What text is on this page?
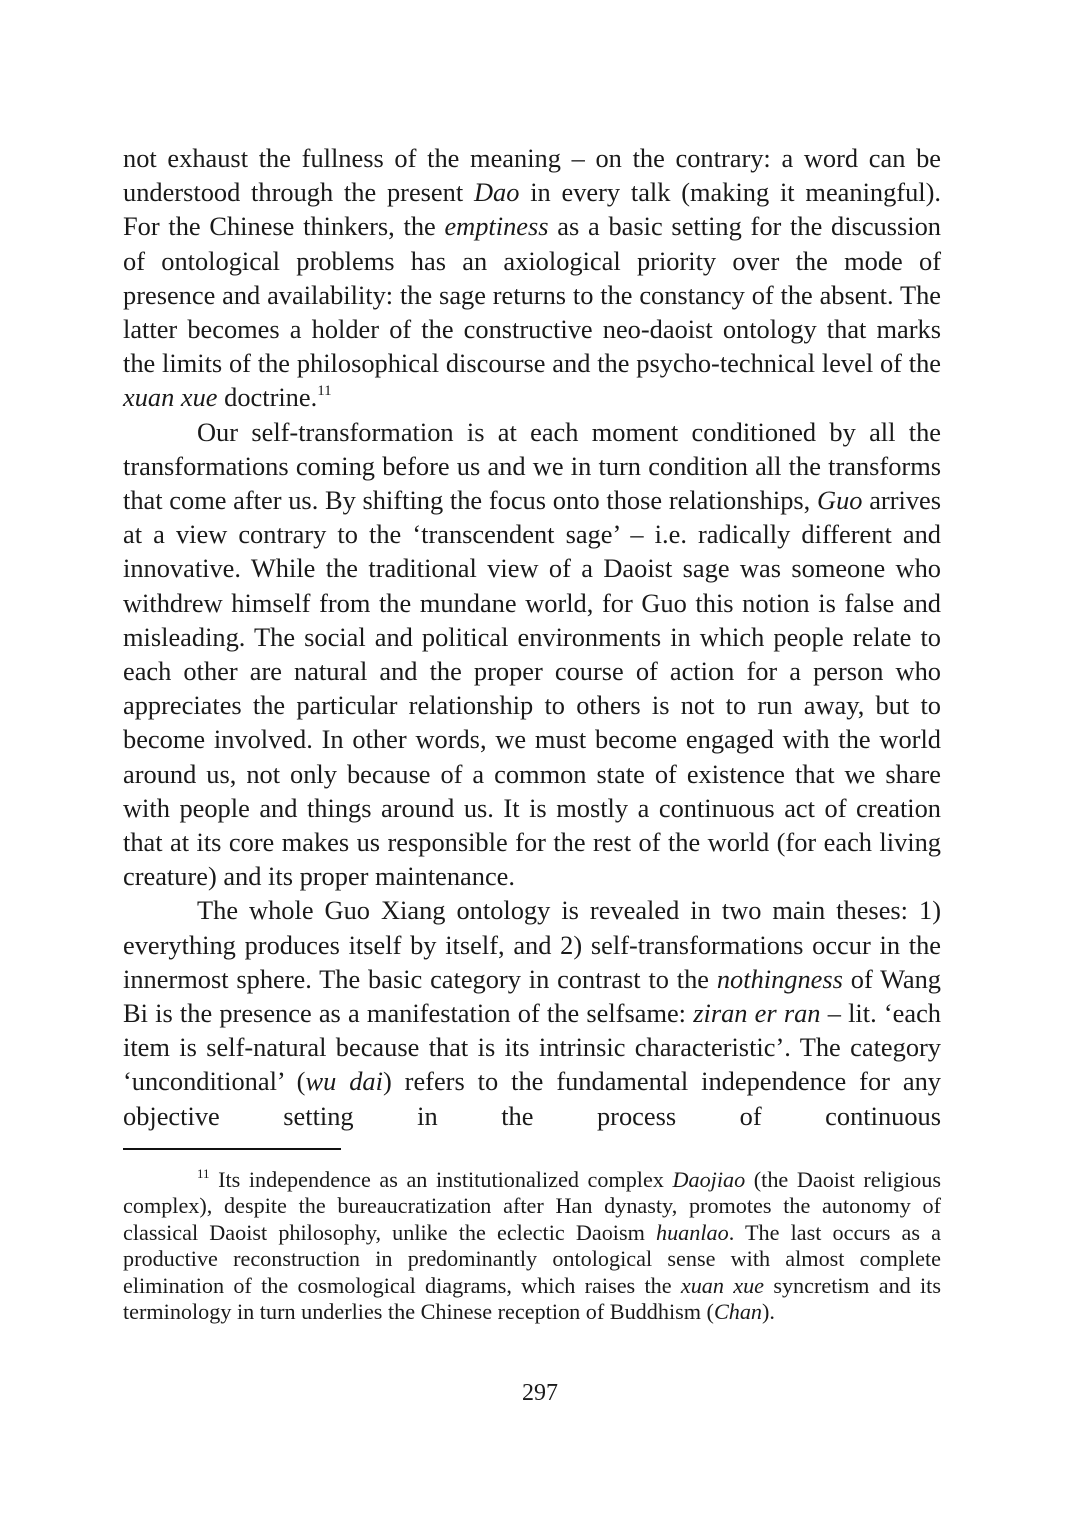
not exhaust the fullness of the meaning – on the contrary: a word can be understood through the present Dao in every talk (making it meaningful). For the Chinese thinkers, the emptiness as a basic setting for the discussion of ontological problems has an axiological priority over the mode of presence and availability: the sage returns to the constancy of the absent. The latter becomes a holder of the constructive neo-daoist ontology that marks the limits of the philosophical discourse and the psycho-technical level of the xuan xue doctrine.$^{11}$

Our self-transformation is at each moment conditioned by all the transformations coming before us and we in turn condition all the transforms that come after us. By shifting the focus onto those relationships, Guo arrives at a view contrary to the ‘transcendent sage’ – i.e. radically different and innovative. While the traditional view of a Daoist sage was someone who withdrew himself from the mundane world, for Guo this notion is false and misleading. The social and political environments in which people relate to each other are natural and the proper course of action for a person who appreciates the particular relationship to others is not to run away, but to become involved. In other words, we must become engaged with the world around us, not only because of a common state of existence that we share with people and things around us. It is mostly a continuous act of creation that at its core makes us responsible for the rest of the world (for each living creature) and its proper maintenance.

The whole Guo Xiang ontology is revealed in two main theses: 1) everything produces itself by itself, and 2) self-transformations occur in the innermost sphere. The basic category in contrast to the nothingness of Wang Bi is the presence as a manifestation of the selfsame: ziran er ran – lit. ‘each item is self-natural because that is its intrinsic characteristic’. The category ‘unconditional’ (wu dai) refers to the fundamental independence for any objective setting in the process of continuous

$^{11}$ Its independence as an institutionalized complex Daojiao (the Daoist religious complex), despite the bureaucratization after Han dynasty, promotes the autonomy of classical Daoist philosophy, unlike the eclectic Daoism huanlao. The last occurs as a productive reconstruction in predominantly ontological sense with almost complete elimination of the cosmological diagrams, which raises the xuan xue syncretism and its terminology in turn underlies the Chinese reception of Buddhism (Chan).

297
